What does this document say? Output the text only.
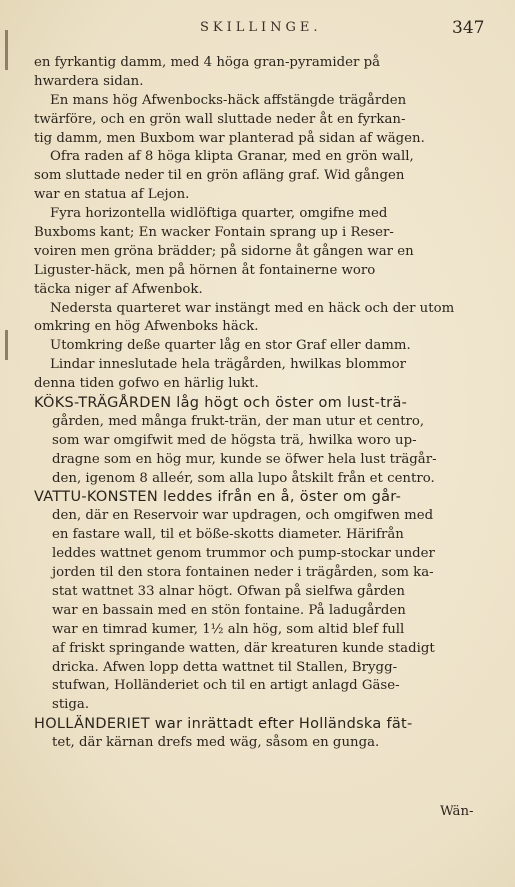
SKILLINGE.	347
en fyrkantig damm, med 4 höga gran-pyramider på
hwardera sidan.
En mans hög Afwenbocks-häck affstängde trägården
twärföre, och en grön wall sluttade neder åt en fyrkan-
tig damm, men Buxbom war planterad på sidan af wägen.
Ofra raden af 8 höga klipta Granar, med en grön wall,
som sluttade neder til en grön afläng graf. Wid gången
war en statua af Lejon.
Fyra horizontella widlöftiga quarter, omgifne med
Buxboms kant; En wacker Fontain sprang up i Reser-
voiren men gröna brädder; på sidorne åt gången war en
Liguster-häck, men på hörnen åt fontainerne woro
täcka niger af Afwenbok.
Nedersta quarteret war instängt med en häck och der utom
omkring en hög Afwenboks häck.
Utomkring deße quarter låg en stor Graf eller damm.
Lindar inneslutade hela trägården, hwilkas blommor
denna tiden gofwo en härlig lukt.
KÖKS-TRÄGÅRDEN låg högt och öster om lust-trä-
gården, med många frukt-trän, der man utur et centro,
som war omgifwit med de högsta trä, hwilka woro up-
dragne som en hög mur, kunde se öfwer hela lust trägår-
den, igenom 8 alleér, som alla lupo åtskilt från et centro.
VATTU-KONSTEN leddes ifrån en å, öster om går-
den, där en Reservoir war updragen, och omgifwen med
en fastare wall, til et böße-skotts diameter. Härifrån
leddes wattnet genom trummor och pump-stockar under
jorden til den stora fontainen neder i trägården, som ka-
stat wattnet 33 alnar högt. Ofwan på sielfwa gården
war en bassain med en stön fontaine. På ladugården
war en timrad kumer, 1½ aln hög, som altid blef full
af friskt springande watten, där kreaturen kunde stadigt
dricka. Afwen lopp detta wattnet til Stallen, Brygg-
stufwan, Holländeriet och til en artigt anlagd Gäse-
stiga.
HOLLÄNDERIET war inrättadt efter Holländska fät-
tet, där kärnan drefs med wäg, såsom en gunga.
Wän-
